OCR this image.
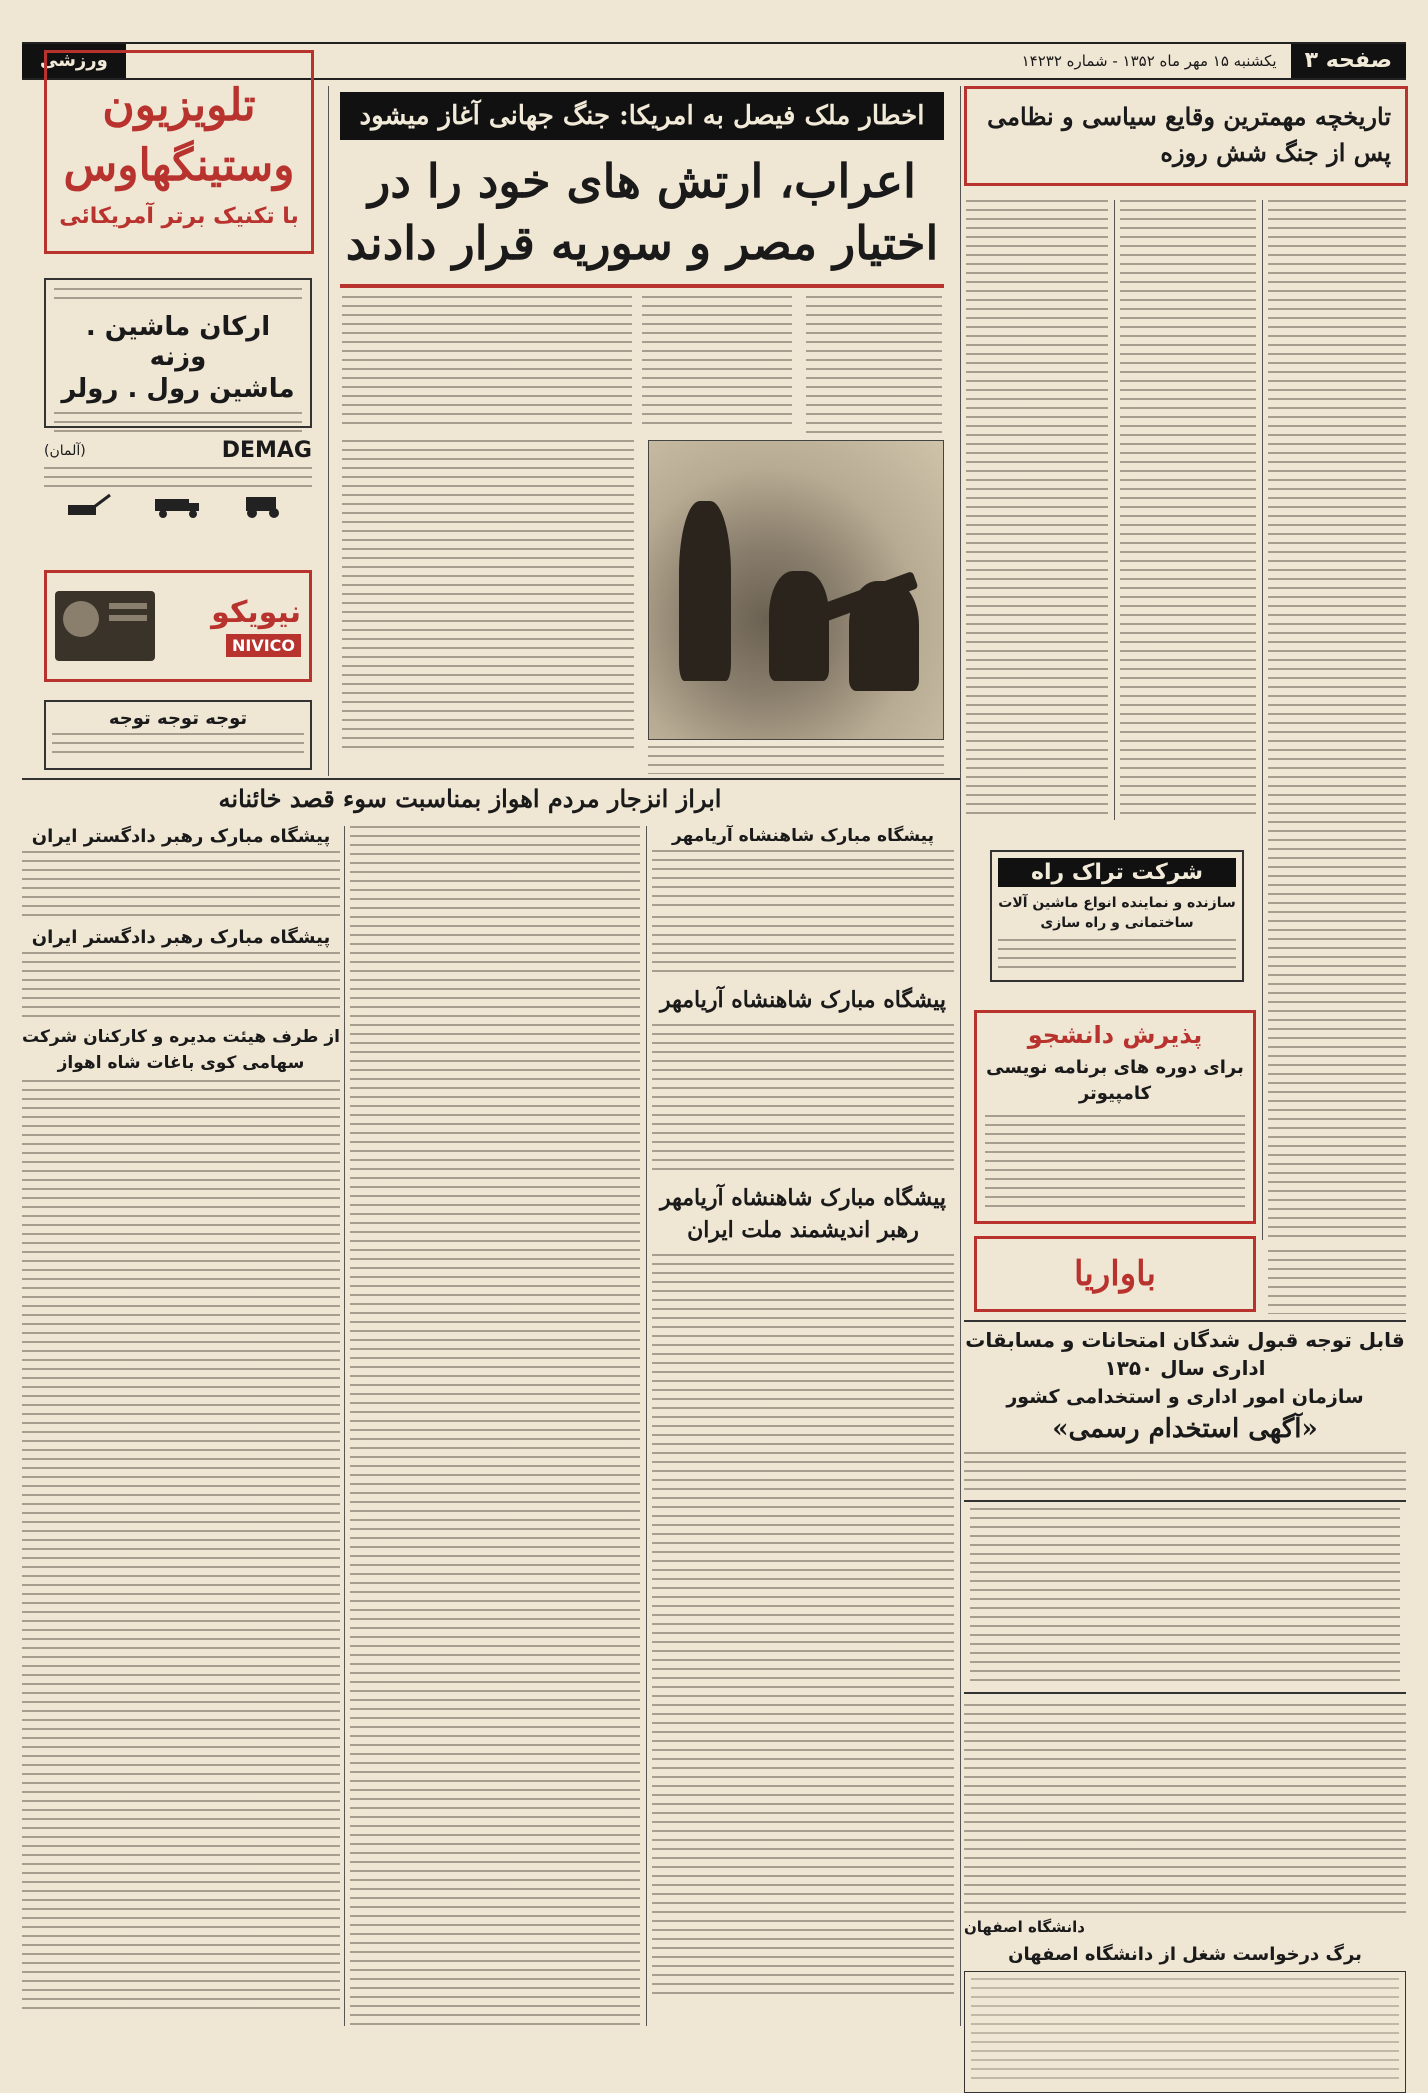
صفحه ۳
یکشنبه ۱۵ مهر ماه ۱۳۵۲ - شماره ۱۴۲۳۲
ورزشی
تاریخچه مهمترین وقایع سیاسی و نظامی پس از جنگ شش روزه
اخطار ملک فیصل به امریکا: جنگ جهانی آغاز میشود
اعراب، ارتش های خود را در اختیار مصر و سوریه قرار دادند
تلویزیون وستینگهاوس
با تکنیک برتر آمریکائی
ارکان ماشین . وزنه
ماشین رول . رولر
DEMAG
(آلمان)
نیویکو
NIVICO
توجه توجه توجه
ابراز انزجار مردم اهواز بمناسبت سوء قصد خائنانه
پیشگاه مبارک رهبر دادگستر ایران
پیشگاه مبارک رهبر دادگستر ایران
از طرف هیئت مدیره و کارکنان شرکت سهامی کوی باغات شاه اهواز
پیشگاه مبارک شاهنشاه آریامهر
پیشگاه مبارک شاهنشاه آریامهر
پیشگاه مبارک شاهنشاه آریامهر رهبر اندیشمند ملت ایران
شرکت تراک راه
سازنده و نماینده انواع ماشین آلات ساختمانی و راه سازی
پذیرش دانشجو
برای دوره های برنامه نویسی کامپیوتر
باواریا
قابل توجه قبول شدگان امتحانات و مسابقات اداری سال ۱۳۵۰
سازمان امور اداری و استخدامی کشور
«آگهی استخدام رسمی»
دانشگاه اصفهان
برگ درخواست شغل از دانشگاه اصفهان
